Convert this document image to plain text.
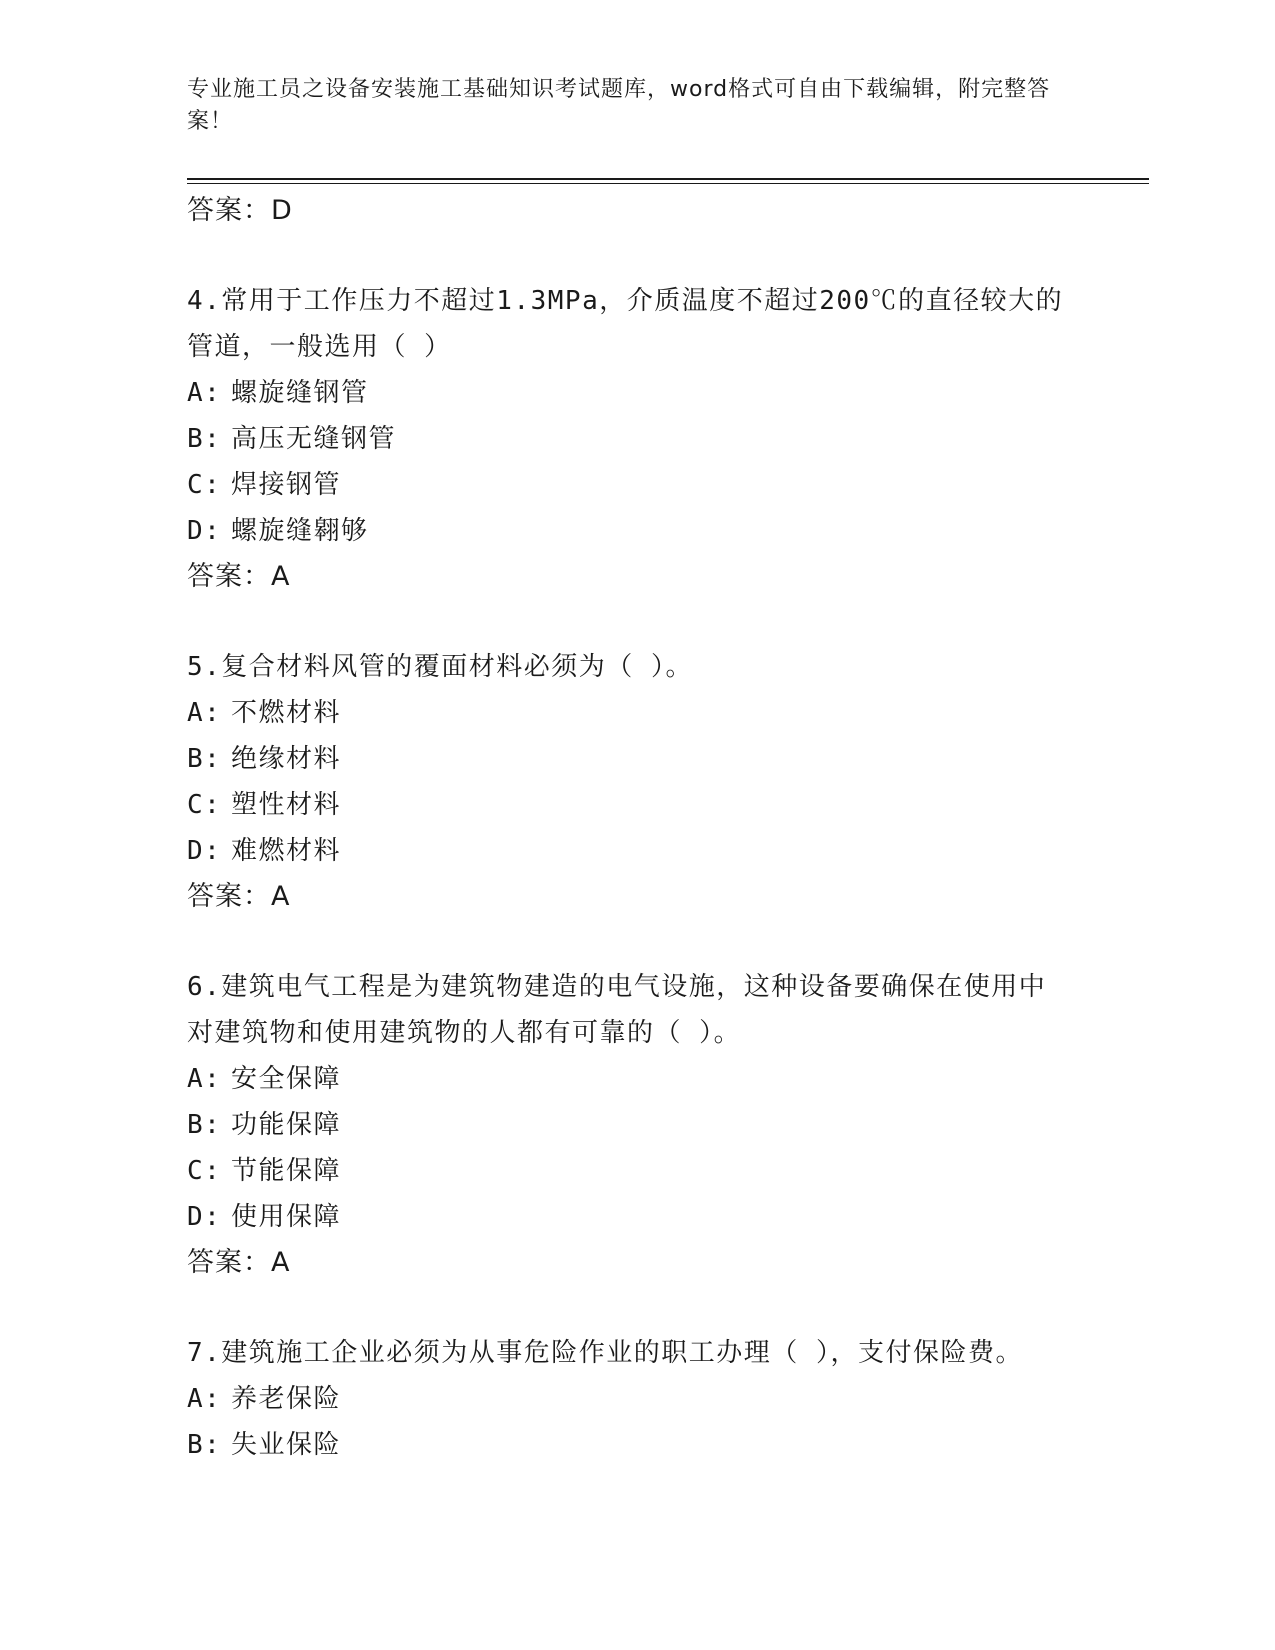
专业施工员之设备安装施工基础知识考试题库，word格式可自由下载编辑，附完整答案！
答案：D
4.常用于工作压力不超过1.3MPa，介质温度不超过200℃的直径较大的管道，一般选用（ ）
A: 螺旋缝钢管
B: 高压无缝钢管
C: 焊接钢管
D: 螺旋缝翱够
答案：A
5.复合材料风管的覆面材料必须为（ ）。
A: 不燃材料
B: 绝缘材料
C: 塑性材料
D: 难燃材料
答案：A
6.建筑电气工程是为建筑物建造的电气设施，这种设备要确保在使用中对建筑物和使用建筑物的人都有可靠的（ ）。
A: 安全保障
B: 功能保障
C: 节能保障
D: 使用保障
答案：A
7.建筑施工企业必须为从事危险作业的职工办理（ ），支付保险费。
A: 养老保险
B: 失业保险
